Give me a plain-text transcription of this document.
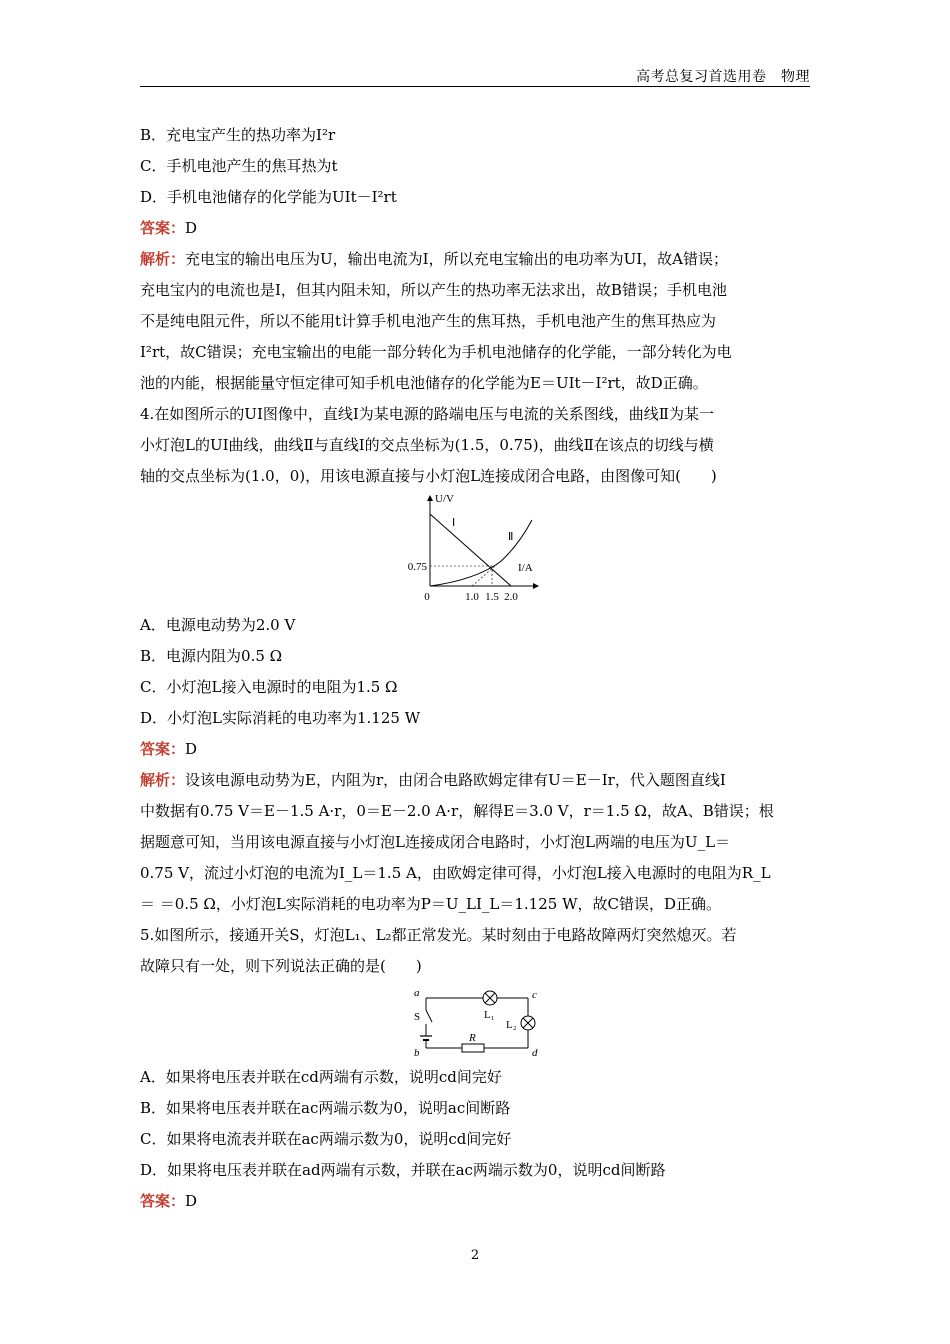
高考总复习首选用卷　物理
B．充电宝产生的热功率为I²r
C．手机电池产生的焦耳热为t
D．手机电池储存的化学能为UIt－I²rt
答案：D
解析：充电宝的输出电压为U，输出电流为I，所以充电宝输出的电功率为UI，故A错误；
充电宝内的电流也是I，但其内阻未知，所以产生的热功率无法求出，故B错误；手机电池
不是纯电阻元件，所以不能用t计算手机电池产生的焦耳热，手机电池产生的焦耳热应为
I²rt，故C错误；充电宝输出的电能一部分转化为手机电池储存的化学能，一部分转化为电
池的内能，根据能量守恒定律可知手机电池储存的化学能为E＝UIt－I²rt，故D正确。
4.在如图所示的UI图像中，直线Ⅰ为某电源的路端电压与电流的关系图线，曲线Ⅱ为某一
小灯泡L的UI曲线，曲线Ⅱ与直线Ⅰ的交点坐标为(1.5，0.75)，曲线Ⅱ在该点的切线与横
轴的交点坐标为(1.0，0)，用该电源直接与小灯泡L连接成闭合电路，由图像可知(　　)
U/V
I/A
0
0.75
1.0 1.5 2.0
Ⅰ
Ⅱ
A．电源电动势为2.0 V
B．电源内阻为0.5 Ω
C．小灯泡L接入电源时的电阻为1.5 Ω
D．小灯泡L实际消耗的电功率为1.125 W
答案：D
解析：设该电源电动势为E，内阻为r，由闭合电路欧姆定律有U＝E－Ir，代入题图直线Ⅰ
中数据有0.75 V＝E－1.5 A·r，0＝E－2.0 A·r，解得E＝3.0 V，r＝1.5 Ω，故A、B错误；根
据题意可知，当用该电源直接与小灯泡L连接成闭合电路时，小灯泡L两端的电压为U_L＝
0.75 V，流过小灯泡的电流为I_L＝1.5 A，由欧姆定律可得，小灯泡L接入电源时的电阻为R_L
＝ ＝0.5 Ω，小灯泡L实际消耗的电功率为P＝U_LI_L＝1.125 W，故C错误，D正确。
5.如图所示，接通开关S，灯泡L₁、L₂都正常发光。某时刻由于电路故障两灯突然熄灭。若
故障只有一处，则下列说法正确的是(　　)
a
b
c
d
S	L₁
L₂
R
A．如果将电压表并联在cd两端有示数，说明cd间完好
B．如果将电压表并联在ac两端示数为0，说明ac间断路
C．如果将电流表并联在ac两端示数为0，说明cd间完好
D．如果将电压表并联在ad两端有示数，并联在ac两端示数为0，说明cd间断路
答案：D
2
